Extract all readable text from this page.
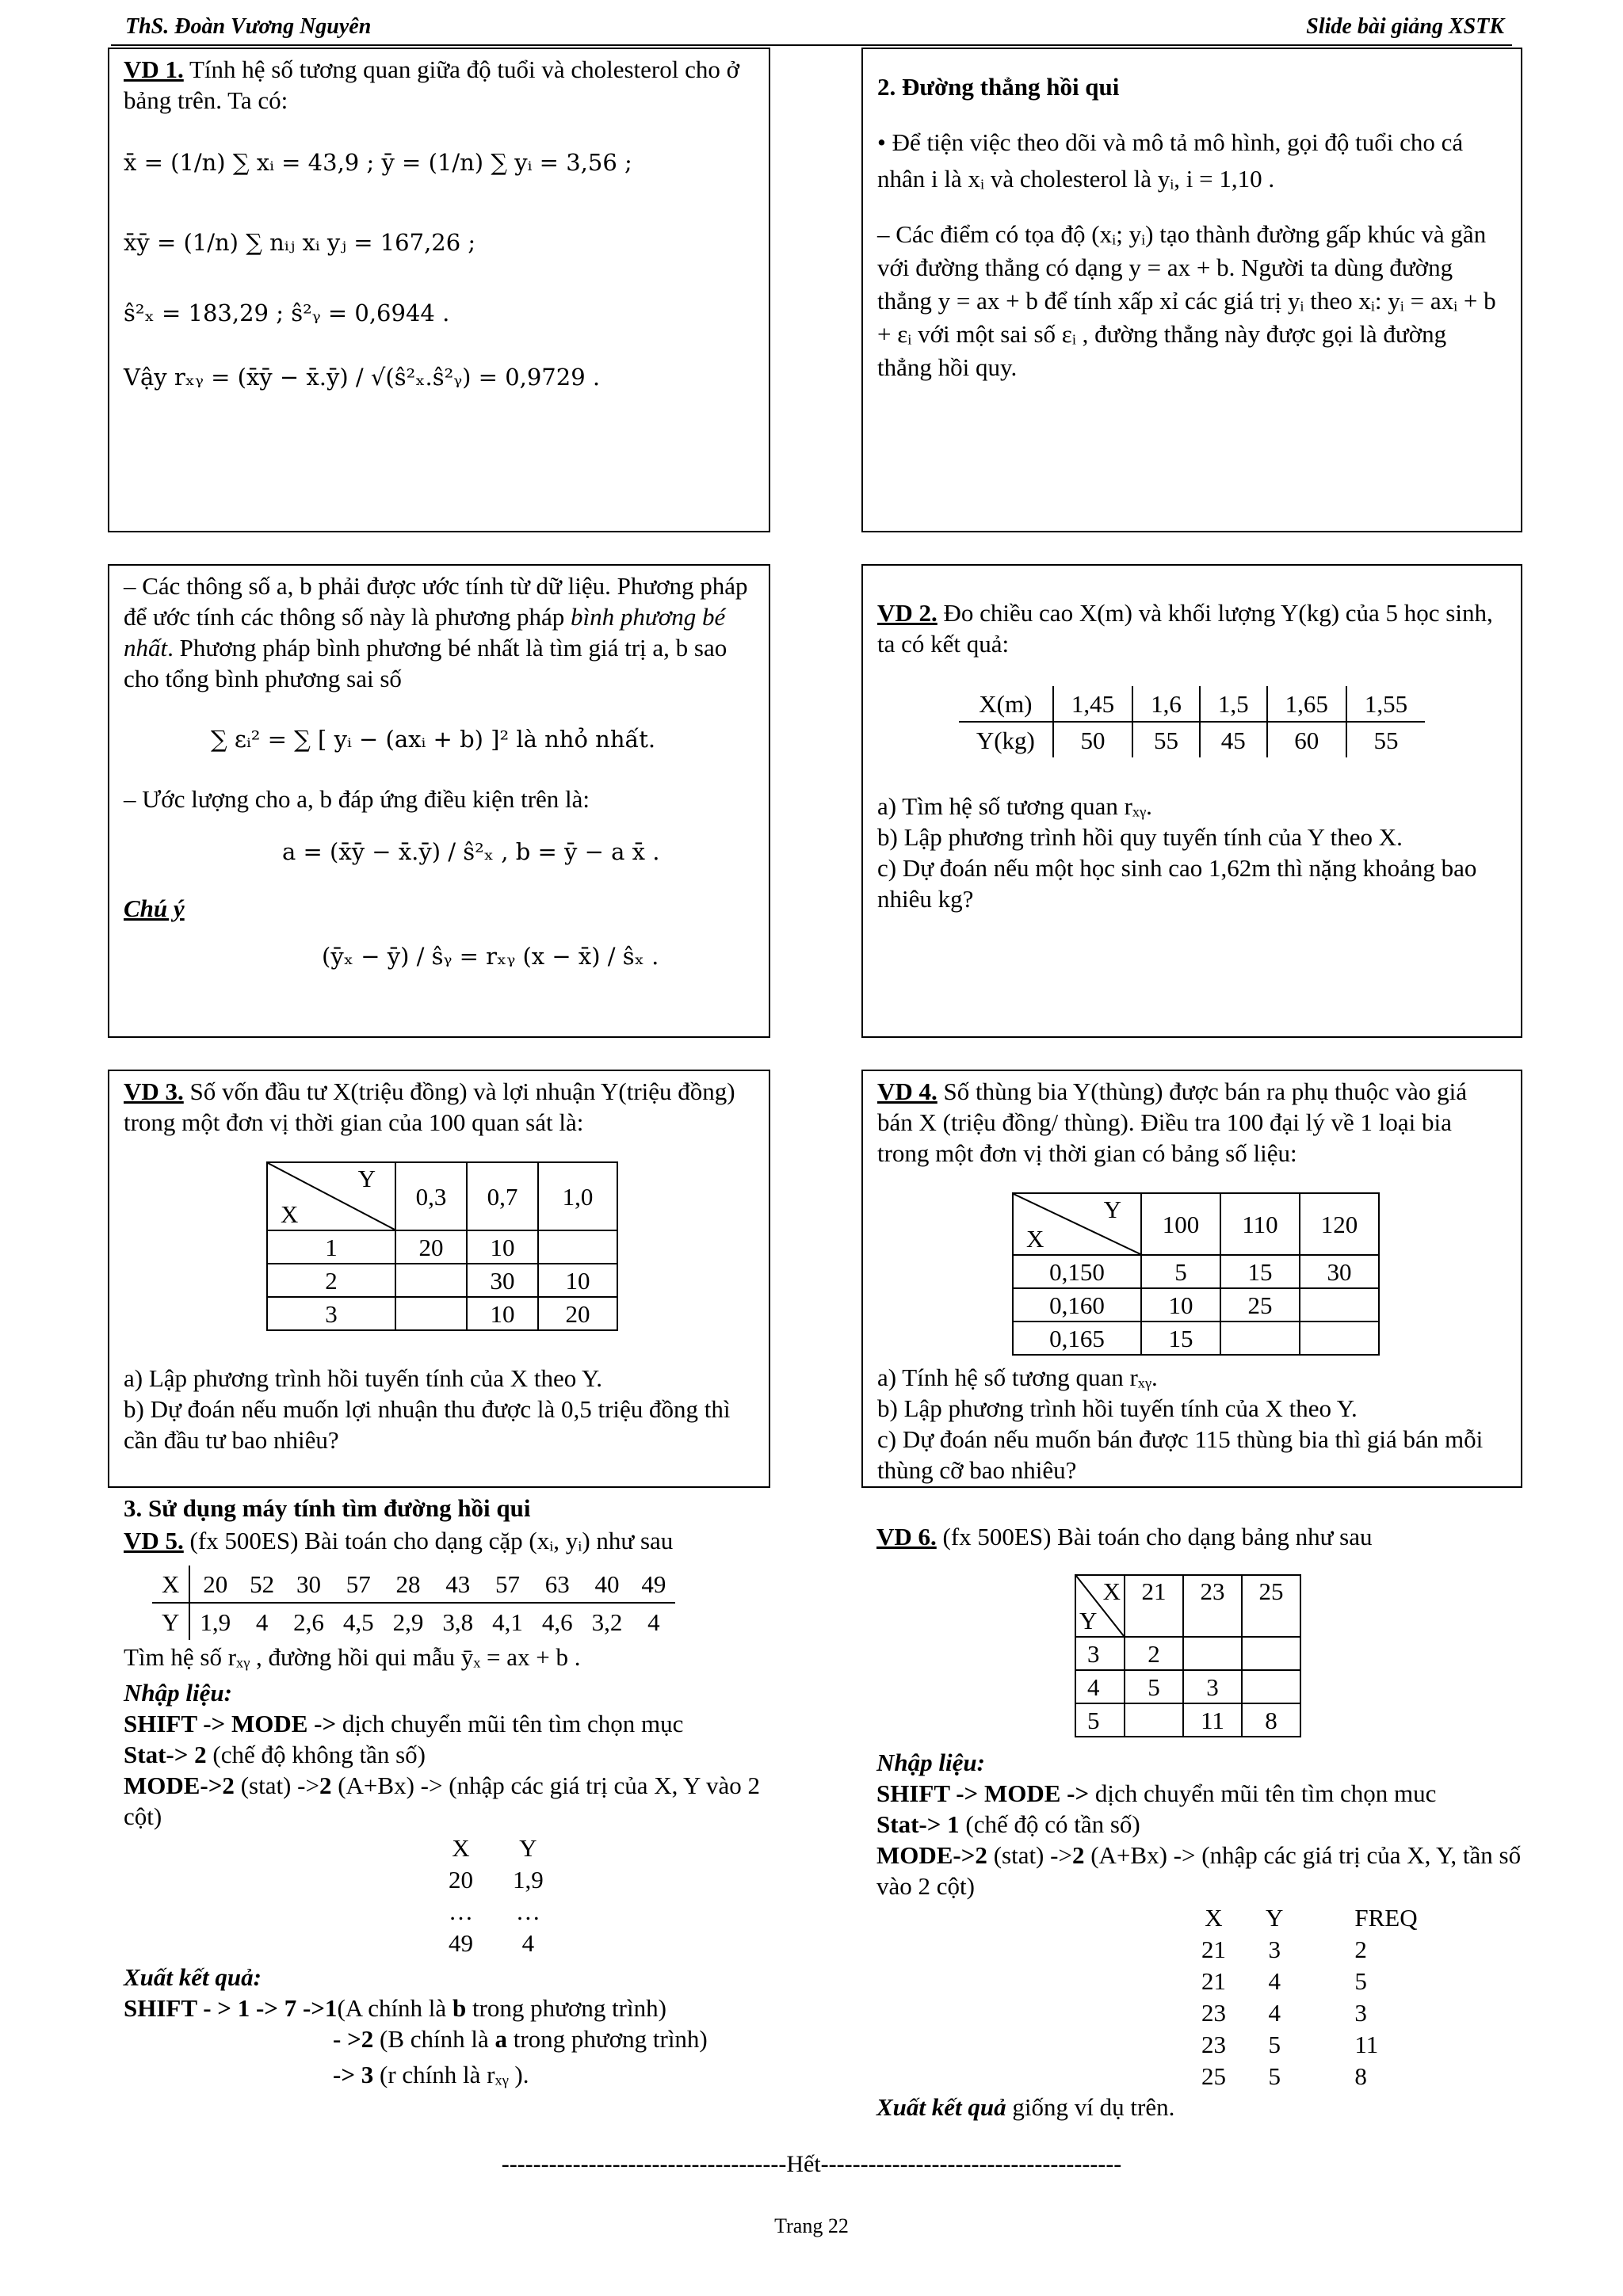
ThS. Đoàn Vương Nguyên	Slide bài giảng XSTK
VD 1. Tính hệ số tương quan giữa độ tuổi và cholesterol cho ở bảng trên. Ta có:
x̄ = (1/n) ∑ xᵢ = 43,9 ; ȳ = (1/n) ∑ yᵢ = 3,56 ;
x̄ȳ = (1/n) ∑ nᵢⱼ xᵢ yⱼ = 167,26 ;
ŝ²ₓ = 183,29 ; ŝ²ᵧ = 0,6944 .
Vậy rₓᵧ = (x̄ȳ − x̄.ȳ) / √(ŝ²ₓ.ŝ²ᵧ) = 0,9729 .
2. Đường thẳng hồi qui
• Để tiện việc theo dõi và mô tả mô hình, gọi độ tuổi cho cá nhân i là xᵢ và cholesterol là yᵢ, i = 1,10 .
– Các điểm có tọa độ (xᵢ; yᵢ) tạo thành đường gấp khúc và gần với đường thẳng có dạng y = ax + b. Người ta dùng đường thẳng y = ax + b để tính xấp xỉ các giá trị yᵢ theo xᵢ: yᵢ = axᵢ + b + εᵢ với một sai số εᵢ , đường thẳng này được gọi là đường thẳng hồi quy.
– Các thông số a, b phải được ước tính từ dữ liệu. Phương pháp để ước tính các thông số này là phương pháp bình phương bé nhất. Phương pháp bình phương bé nhất là tìm giá trị a, b sao cho tổng bình phương sai số
∑ εᵢ² = ∑ [ yᵢ − (axᵢ + b) ]² là nhỏ nhất.
– Ước lượng cho a, b đáp ứng điều kiện trên là:
a = (x̄ȳ − x̄.ȳ) / ŝ²ₓ , b = ȳ − a x̄ .
Chú ý
(ȳₓ − ȳ) / ŝᵧ = rₓᵧ (x − x̄) / ŝₓ .
VD 2. Đo chiều cao X(m) và khối lượng Y(kg) của 5 học sinh, ta có kết quả:
X(m)	1,45	1,6	1,5	1,65	1,55
Y(kg)	50	55	45	60	55
a) Tìm hệ số tương quan rₓᵧ.
b) Lập phương trình hồi quy tuyến tính của Y theo X.
c) Dự đoán nếu một học sinh cao 1,62m thì nặng khoảng bao nhiêu kg?
VD 3. Số vốn đầu tư X(triệu đồng) và lợi nhuận Y(triệu đồng) trong một đơn vị thời gian của 100 quan sát là:
Y
X	0,3	0,7	1,0
1	20	10	
2		30	10
3		10	20
a) Lập phương trình hồi tuyến tính của X theo Y.
b) Dự đoán nếu muốn lợi nhuận thu được là 0,5 triệu đồng thì cần đầu tư bao nhiêu?
VD 4. Số thùng bia Y(thùng) được bán ra phụ thuộc vào giá bán X (triệu đồng/ thùng). Điều tra 100 đại lý về 1 loại bia trong một đơn vị thời gian có bảng số liệu:
Y
X	100	110	120
0,150	5	15	30
0,160	10	25	
0,165	15		
a) Tính hệ số tương quan rₓᵧ.
b) Lập phương trình hồi tuyến tính của X theo Y.
c) Dự đoán nếu muốn bán được 115 thùng bia thì giá bán mỗi thùng cỡ bao nhiêu?
3. Sử dụng máy tính tìm đường hồi qui
VD 5. (fx 500ES) Bài toán cho dạng cặp (xᵢ, yᵢ) như sau
X	20	52	30	57	28	43	57	63	40	49
Y	1,9	4	2,6	4,5	2,9	3,8	4,1	4,6	3,2	4
Tìm hệ số rₓᵧ , đường hồi qui mẫu ȳₓ = ax + b .
Nhập liệu:
SHIFT -> MODE -> dịch chuyển mũi tên tìm chọn mục
Stat-> 2 (chế độ không tần số)
MODE->2 (stat) ->2 (A+Bx) -> (nhập các giá trị của X, Y vào 2 cột)
X	Y
20	1,9
…	…
49	4
Xuất kết quả:
SHIFT - > 1 -> 7 ->1(A chính là b trong phương trình)
- >2 (B chính là a trong phương trình)
-> 3 (r chính là rₓᵧ ).
VD 6. (fx 500ES) Bài toán cho dạng bảng như sau
X
Y	21	23	25
3	2		
4	5	3	
5		11	8
Nhập liệu:
SHIFT -> MODE -> dịch chuyển mũi tên tìm chọn muc
Stat-> 1 (chế độ có tần số)
MODE->2 (stat) ->2 (A+Bx) -> (nhập các giá trị của X, Y, tần số vào 2 cột)
X	Y	FREQ
21	3	2
21	4	5
23	4	3
23	5	11
25	5	8
Xuất kết quả giống ví dụ trên.
------------------------------------Hết--------------------------------------
Trang 22
